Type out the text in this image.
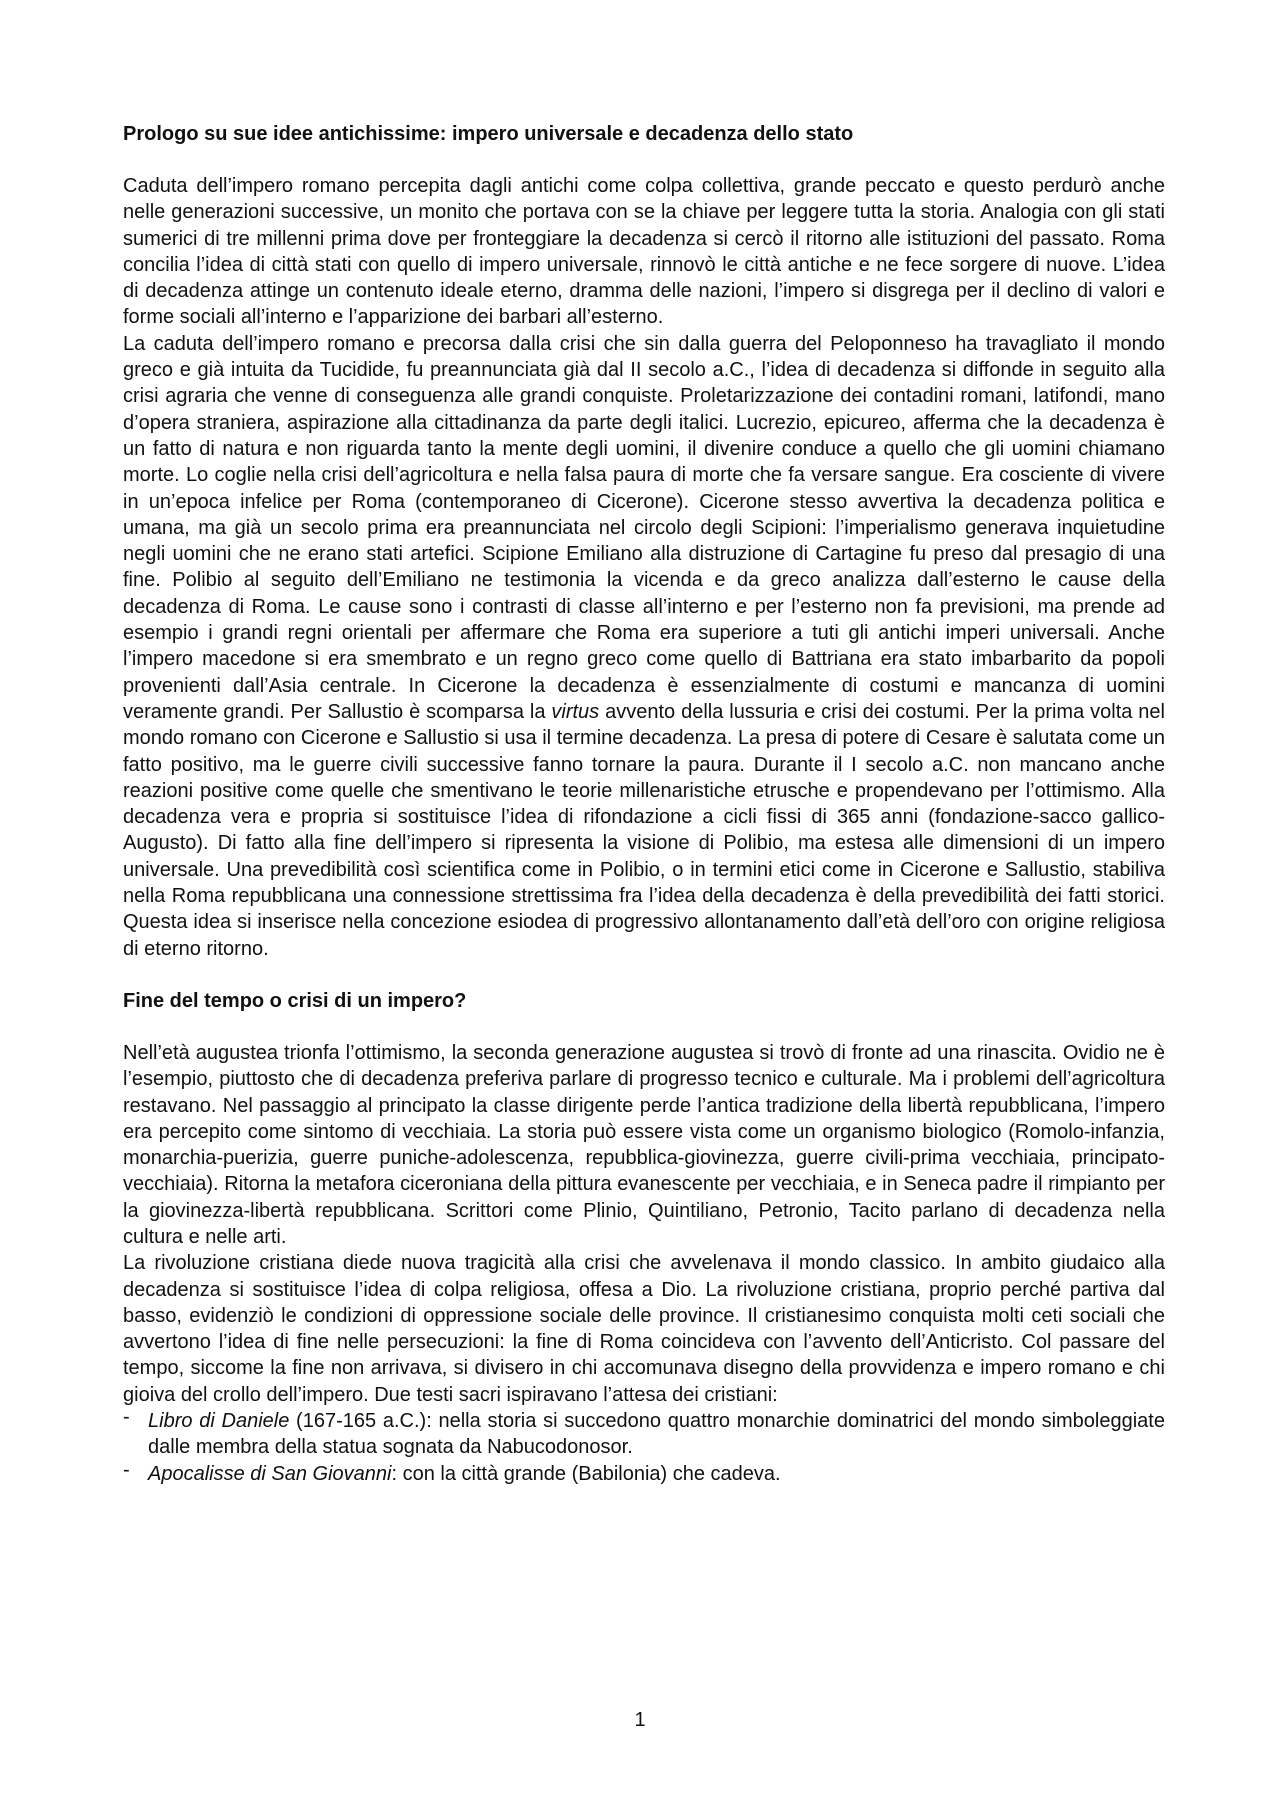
Prologo su sue idee antichissime: impero universale e decadenza dello stato

Caduta dell’impero romano percepita dagli antichi come colpa collettiva, grande peccato e questo perdurò anche nelle generazioni successive, un monito che portava con se la chiave per leggere tutta la storia. Analogia con gli stati sumerici di tre millenni prima dove per fronteggiare la decadenza si cercò il ritorno alle istituzioni del passato. Roma concilia l’idea di città stati con quello di impero universale, rinnovò le città antiche e ne fece sorgere di nuove. L’idea di decadenza attinge un contenuto ideale eterno, dramma delle nazioni, l’impero si disgrega per il declino di valori e forme sociali all’interno e l’apparizione dei barbari all’esterno.

La caduta dell’impero romano e precorsa dalla crisi che sin dalla guerra del Peloponneso ha travagliato il mondo greco e già intuita da Tucidide, fu preannunciata già dal II secolo a.C., l’idea di decadenza si diffonde in seguito alla crisi agraria che venne di conseguenza alle grandi conquiste. Proletarizzazione dei contadini romani, latifondi, mano d’opera straniera, aspirazione alla cittadinanza da parte degli italici. Lucrezio, epicureo, afferma che la decadenza è un fatto di natura e non riguarda tanto la mente degli uomini, il divenire conduce a quello che gli uomini chiamano morte. Lo coglie nella crisi dell’agricoltura e nella falsa paura di morte che fa versare sangue. Era cosciente di vivere in un’epoca infelice per Roma (contemporaneo di Cicerone). Cicerone stesso avvertiva la decadenza politica e umana, ma già un secolo prima era preannunciata nel circolo degli Scipioni: l’imperialismo generava inquietudine negli uomini che ne erano stati artefici. Scipione Emiliano alla distruzione di Cartagine fu preso dal presagio di una fine. Polibio al seguito dell’Emiliano ne testimonia la vicenda e da greco analizza dall’esterno le cause della decadenza di Roma. Le cause sono i contrasti di classe all’interno e per l’esterno non fa previsioni, ma prende ad esempio i grandi regni orientali per affermare che Roma era superiore a tuti gli antichi imperi universali. Anche l’impero macedone si era smembrato e un regno greco come quello di Battriana era stato imbarbarito da popoli provenienti dall’Asia centrale. In Cicerone la decadenza è essenzialmente di costumi e mancanza di uomini veramente grandi. Per Sallustio è scomparsa la virtus avvento della lussuria e crisi dei costumi. Per la prima volta nel mondo romano con Cicerone e Sallustio si usa il termine decadenza. La presa di potere di Cesare è salutata come un fatto positivo, ma le guerre civili successive fanno tornare la paura. Durante il I secolo a.C. non mancano anche reazioni positive come quelle che smentivano le teorie millenaristiche etrusche e propendevano per l’ottimismo. Alla decadenza vera e propria si sostituisce l’idea di rifondazione a cicli fissi di 365 anni (fondazione-sacco gallico-Augusto). Di fatto alla fine dell’impero si ripresenta la visione di Polibio, ma estesa alle dimensioni di un impero universale. Una prevedibilità così scientifica come in Polibio, o in termini etici come in Cicerone e Sallustio, stabiliva nella Roma repubblicana una connessione strettissima fra l’idea della decadenza è della prevedibilità dei fatti storici. Questa idea si inserisce nella concezione esiodea di progressivo allontanamento dall’età dell’oro con origine religiosa di eterno ritorno.

Fine del tempo o crisi di un impero?

Nell’età augustea trionfa l’ottimismo, la seconda generazione augustea si trovò di fronte ad una rinascita. Ovidio ne è l’esempio, piuttosto che di decadenza preferiva parlare di progresso tecnico e culturale. Ma i problemi dell’agricoltura restavano. Nel passaggio al principato la classe dirigente perde l’antica tradizione della libertà repubblicana, l’impero era percepito come sintomo di vecchiaia. La storia può essere vista come un organismo biologico (Romolo-infanzia, monarchia-puerizia, guerre puniche-adolescenza, repubblica-giovinezza, guerre civili-prima vecchiaia, principato-vecchiaia). Ritorna la metafora ciceroniana della pittura evanescente per vecchiaia, e in Seneca padre il rimpianto per la giovinezza-libertà repubblicana. Scrittori come Plinio, Quintiliano, Petronio, Tacito parlano di decadenza nella cultura e nelle arti.

La rivoluzione cristiana diede nuova tragicità alla crisi che avvelenava il mondo classico. In ambito giudaico alla decadenza si sostituisce l’idea di colpa religiosa, offesa a Dio. La rivoluzione cristiana, proprio perché partiva dal basso, evidenziò le condizioni di oppressione sociale delle province. Il cristianesimo conquista molti ceti sociali che avvertono l’idea di fine nelle persecuzioni: la fine di Roma coincideva con l’avvento dell’Anticristo. Col passare del tempo, siccome la fine non arrivava, si divisero in chi accomunava disegno della provvidenza e impero romano e chi gioiva del crollo dell’impero. Due testi sacri ispiravano l’attesa dei cristiani:

- Libro di Daniele (167-165 a.C.): nella storia si succedono quattro monarchie dominatrici del mondo simboleggiate dalle membra della statua sognata da Nabucodonosor.
- Apocalisse di San Giovanni: con la città grande (Babilonia) che cadeva.
1
